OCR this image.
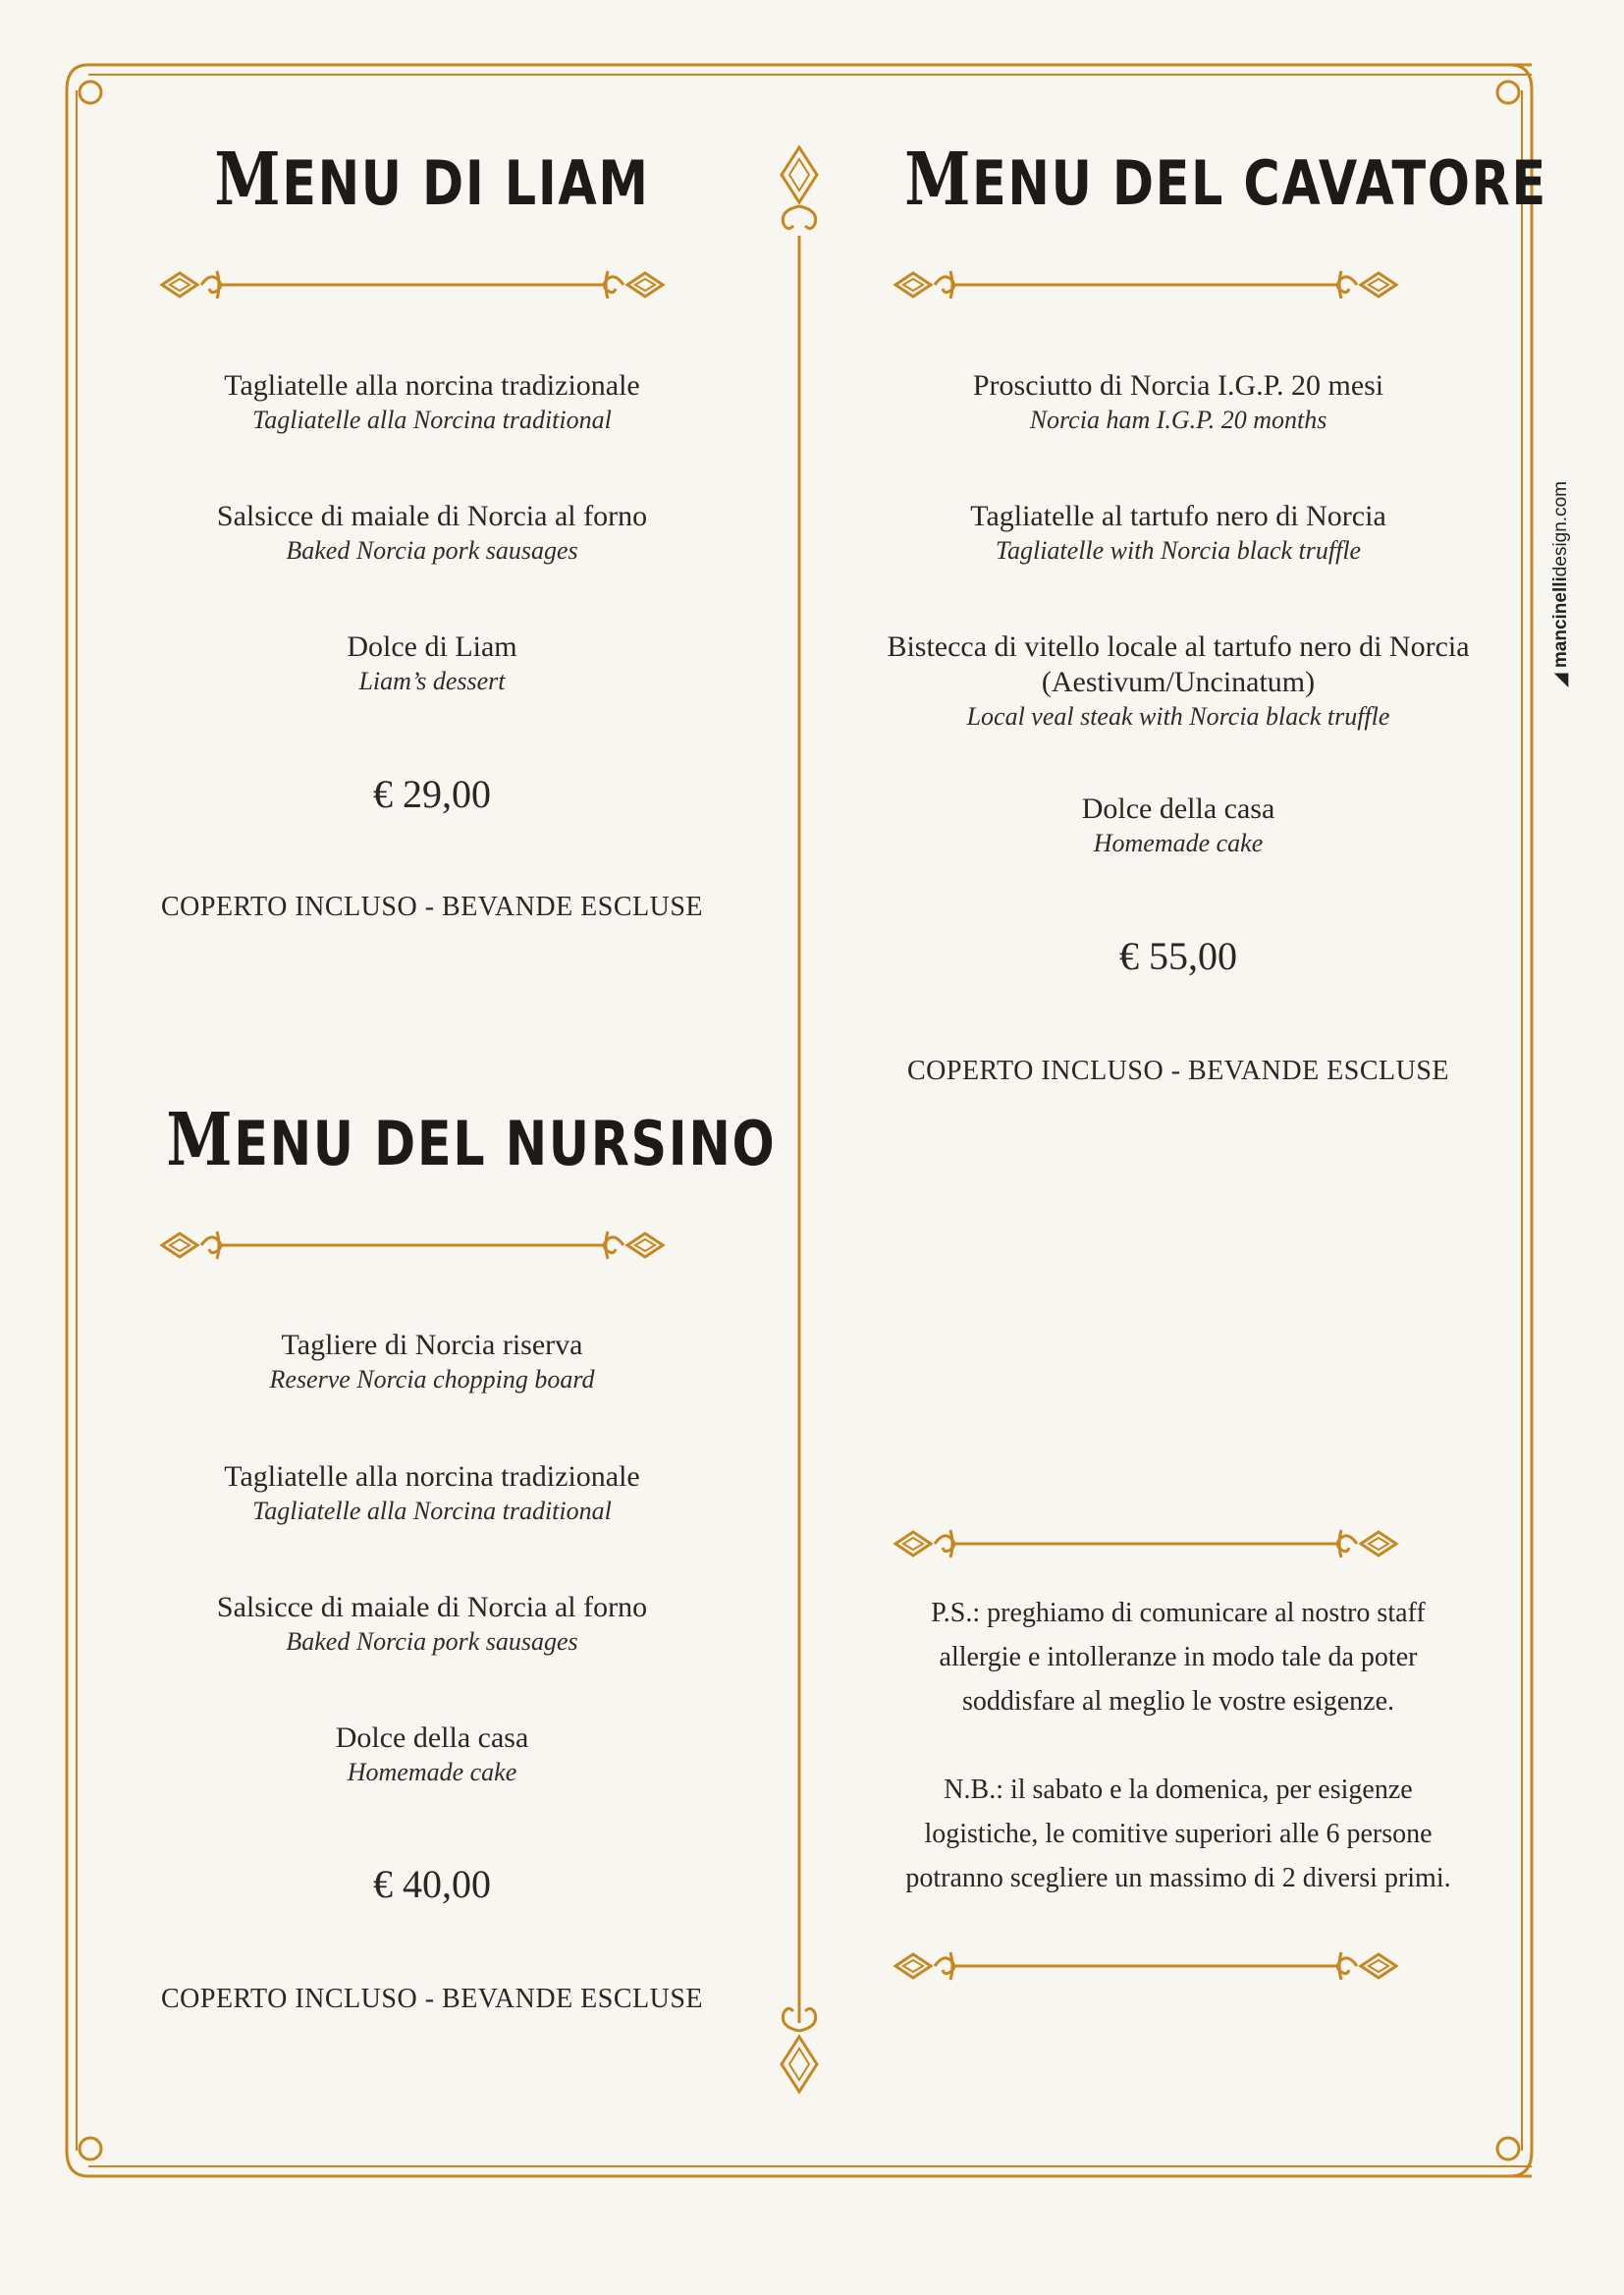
MENU DI LIAM
Tagliatelle alla norcina tradizionale
Tagliatelle alla Norcina traditional
Salsicce di maiale di Norcia al forno
Baked Norcia pork sausages
Dolce di Liam
Liam’s dessert
€ 29,00
COPERTO INCLUSO - BEVANDE ESCLUSE
MENU DEL NURSINO
Tagliere di Norcia riserva
Reserve Norcia chopping board
Tagliatelle alla norcina tradizionale
Tagliatelle alla Norcina traditional
Salsicce di maiale di Norcia al forno
Baked Norcia pork sausages
Dolce della casa
Homemade cake
€ 40,00
COPERTO INCLUSO - BEVANDE ESCLUSE
MENU DEL CAVATORE
Prosciutto di Norcia I.G.P. 20 mesi
Norcia ham I.G.P. 20 months
Tagliatelle al tartufo nero di Norcia
Tagliatelle with Norcia black truffle
Bistecca di vitello locale al tartufo nero di Norcia
(Aestivum/Uncinatum)
Local veal steak with Norcia black truffle
Dolce della casa
Homemade cake
€ 55,00
COPERTO INCLUSO - BEVANDE ESCLUSE
P.S.: preghiamo di comunicare al nostro staff
allergie e intolleranze in modo tale da poter
soddisfare al meglio le vostre esigenze.
N.B.: il sabato e la domenica, per esigenze
logistiche, le comitive superiori alle 6 persone
potranno scegliere un massimo di 2 diversi primi.
◢ mancinellidesign.com
